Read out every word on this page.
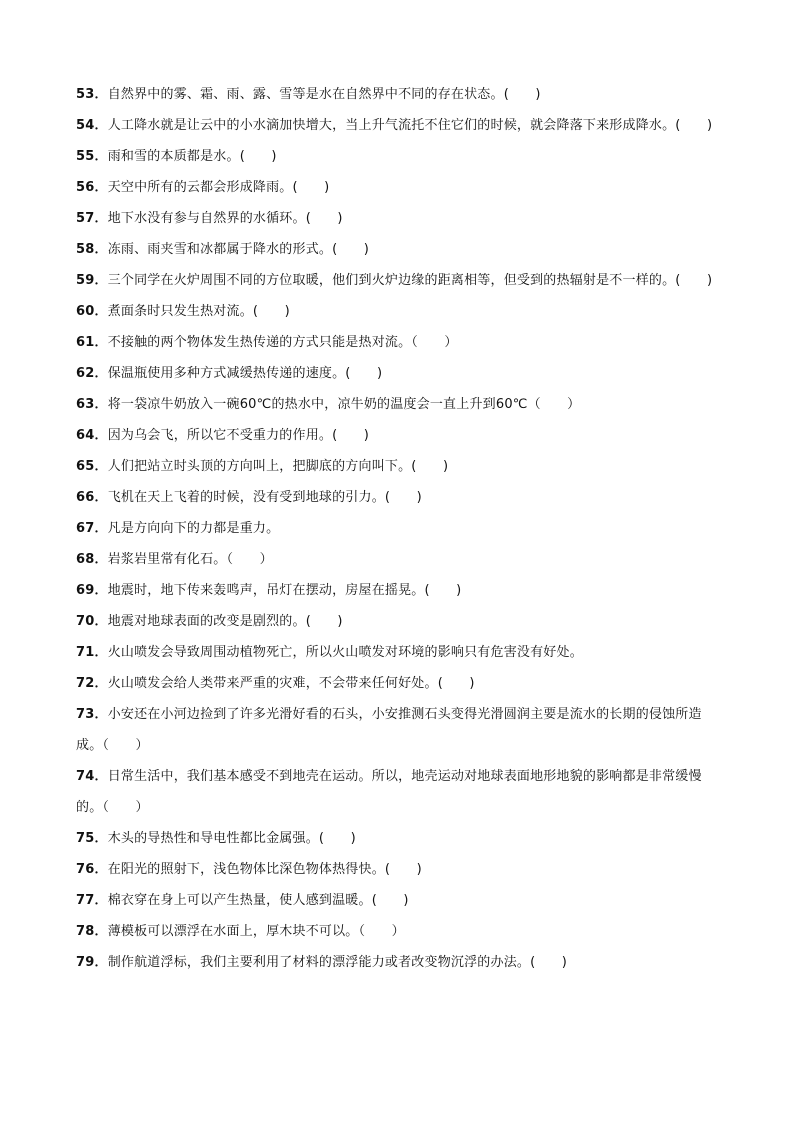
53．自然界中的雾、霜、雨、露、雪等是水在自然界中不同的存在状态。(　　)
54．人工降水就是让云中的小水滴加快增大，当上升气流托不住它们的时候，就会降落下来形成降水。(　　)
55．雨和雪的本质都是水。(　　)
56．天空中所有的云都会形成降雨。(　　)
57．地下水没有参与自然界的水循环。(　　)
58．冻雨、雨夹雪和冰都属于降水的形式。(　　)
59．三个同学在火炉周围不同的方位取暖，他们到火炉边缘的距离相等，但受到的热辐射是不一样的。(　　)
60．煮面条时只发生热对流。(　　)
61．不接触的两个物体发生热传递的方式只能是热对流。（　　）
62．保温瓶使用多种方式减缓热传递的速度。(　　)
63．将一袋凉牛奶放入一碗60℃的热水中，凉牛奶的温度会一直上升到60℃（　　）
64．因为乌会飞，所以它不受重力的作用。(　　)
65．人们把站立时头顶的方向叫上，把脚底的方向叫下。(　　)
66．飞机在天上飞着的时候，没有受到地球的引力。(　　)
67．凡是方向向下的力都是重力。
68．岩浆岩里常有化石。（　　）
69．地震时，地下传来轰鸣声，吊灯在摆动，房屋在摇晃。(　　)
70．地震对地球表面的改变是剧烈的。(　　)
71．火山喷发会导致周围动植物死亡，所以火山喷发对环境的影响只有危害没有好处。
72．火山喷发会给人类带来严重的灾难，不会带来任何好处。(　　)
73．小安还在小河边捡到了许多光滑好看的石头，小安推测石头变得光滑圆润主要是流水的长期的侵蚀所造成。（　　）
74．日常生活中，我们基本感受不到地壳在运动。所以，地壳运动对地球表面地形地貌的影响都是非常缓慢的。（　　）
75．木头的导热性和导电性都比金属强。(　　)
76．在阳光的照射下，浅色物体比深色物体热得快。(　　)
77．棉衣穿在身上可以产生热量，使人感到温暖。(　　)
78．薄模板可以漂浮在水面上，厚木块不可以。（　　）
79．制作航道浮标，我们主要利用了材料的漂浮能力或者改变物沉浮的办法。(　　)
